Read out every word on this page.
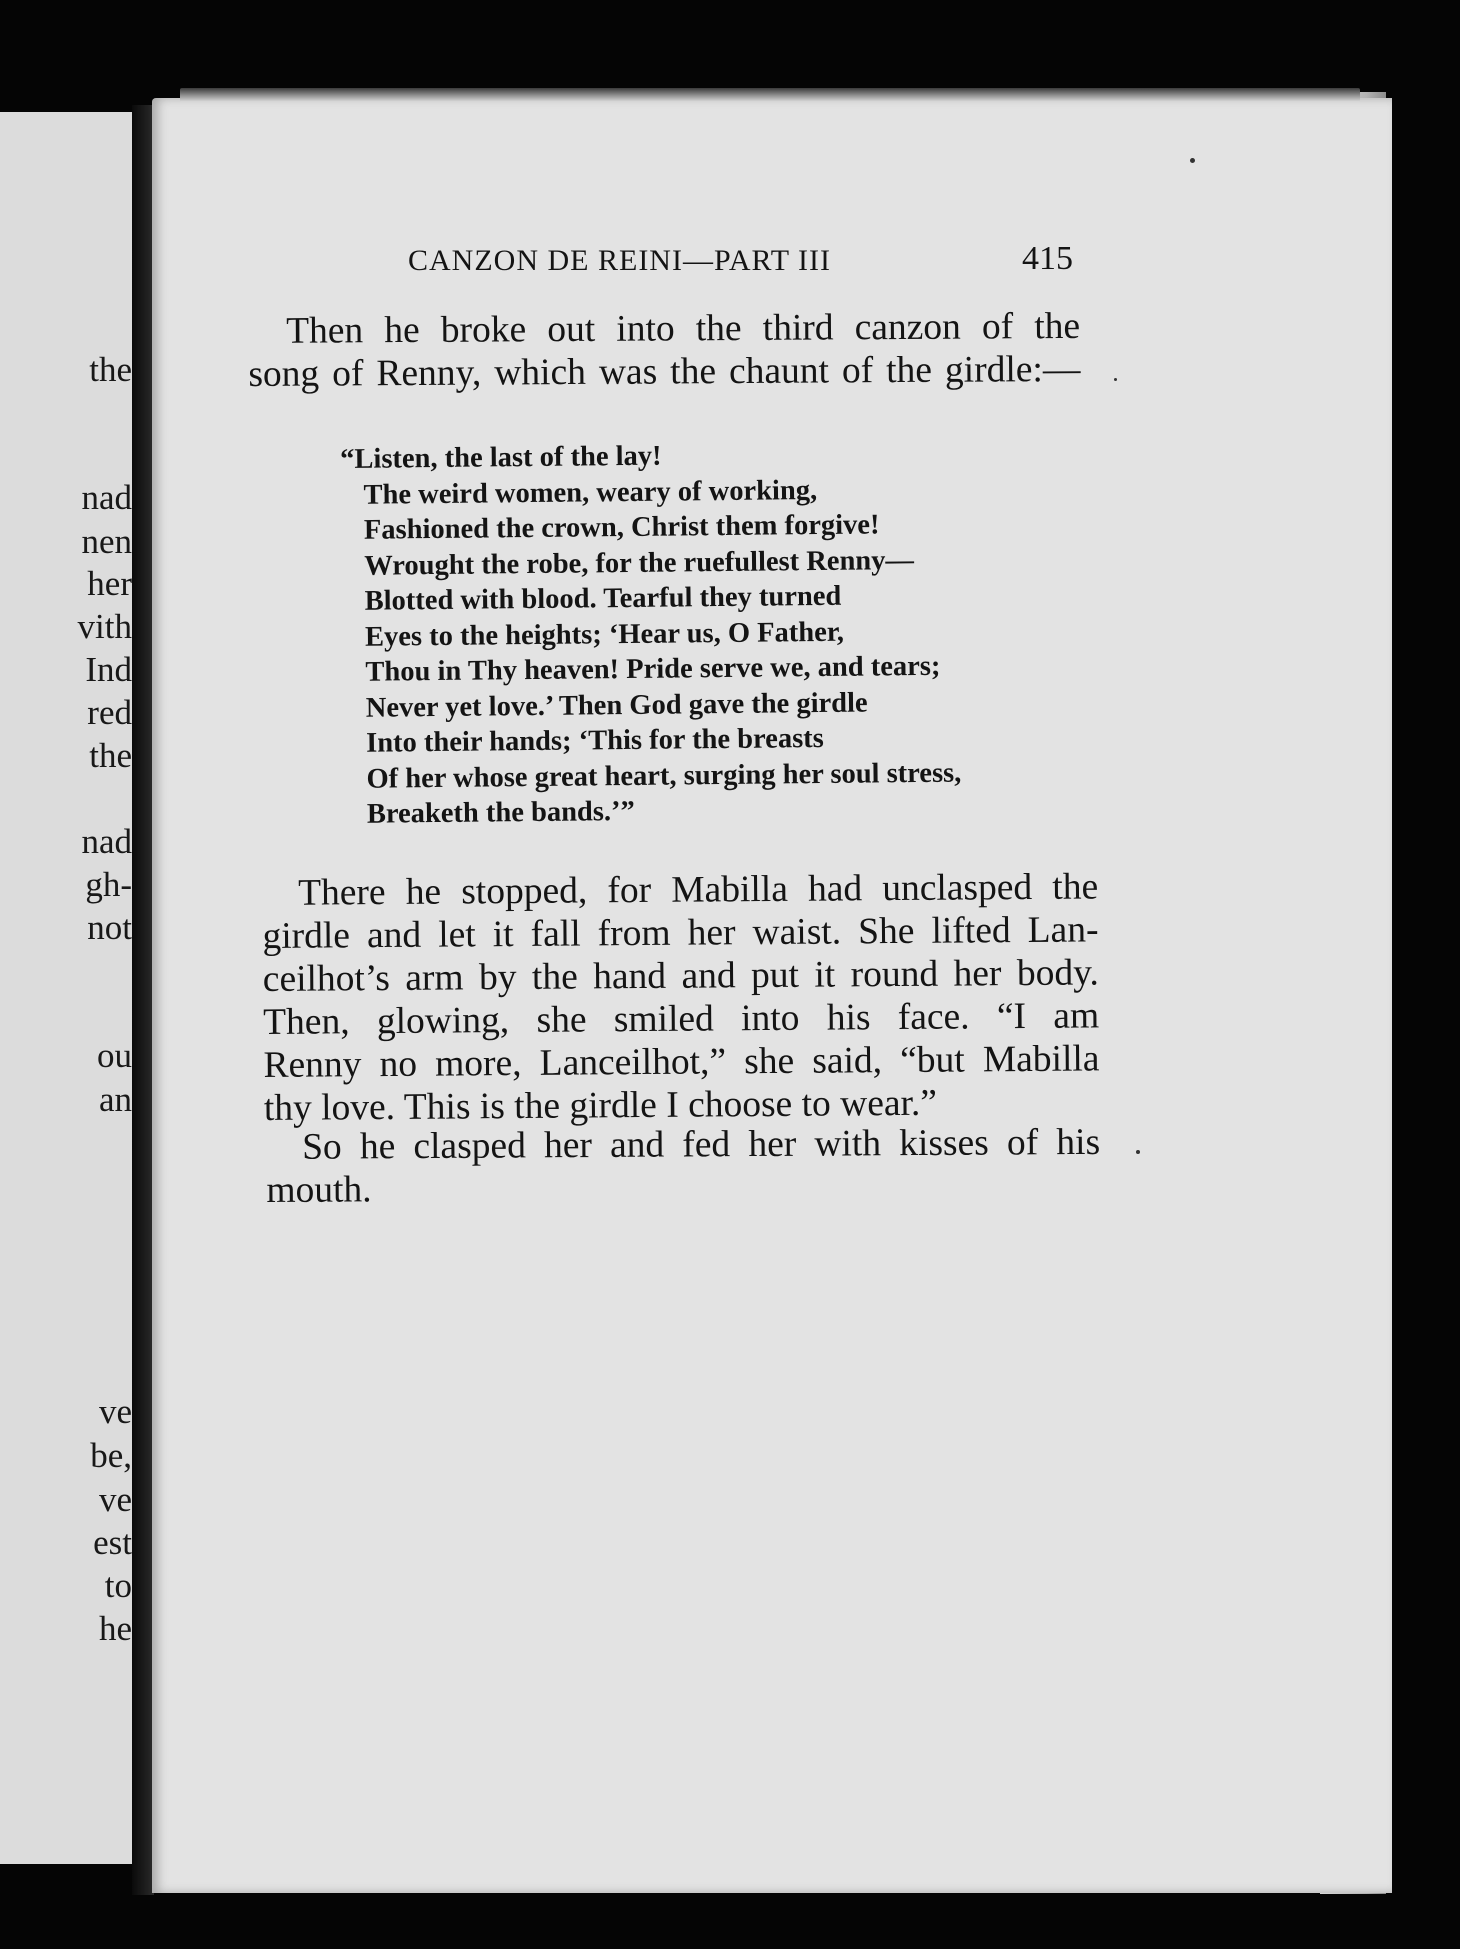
the
nad
nen
her
vith
Ind
red
the
nad
gh-
not
ou
an
ve
be,
ve
est
to
he
CANZON DE REINI—PART III	415
Then he broke out into the third canzon of the
song of Renny, which was the chaunt of the girdle:—
“Listen, the last of the lay!
The weird women, weary of working,
Fashioned the crown, Christ them forgive!
Wrought the robe, for the ruefullest Renny—
Blotted with blood. Tearful they turned
Eyes to the heights; ‘Hear us, O Father,
Thou in Thy heaven! Pride serve we, and tears;
Never yet love.’ Then God gave the girdle
Into their hands; ‘This for the breasts
Of her whose great heart, surging her soul stress,
Breaketh the bands.’”
There he stopped, for Mabilla had unclasped the
girdle and let it fall from her waist. She lifted Lan-
ceilhot’s arm by the hand and put it round her body.
Then, glowing, she smiled into his face. “I am
Renny no more, Lanceilhot,” she said, “but Mabilla
thy love. This is the girdle I choose to wear.”
So he clasped her and fed her with kisses of his
mouth.
